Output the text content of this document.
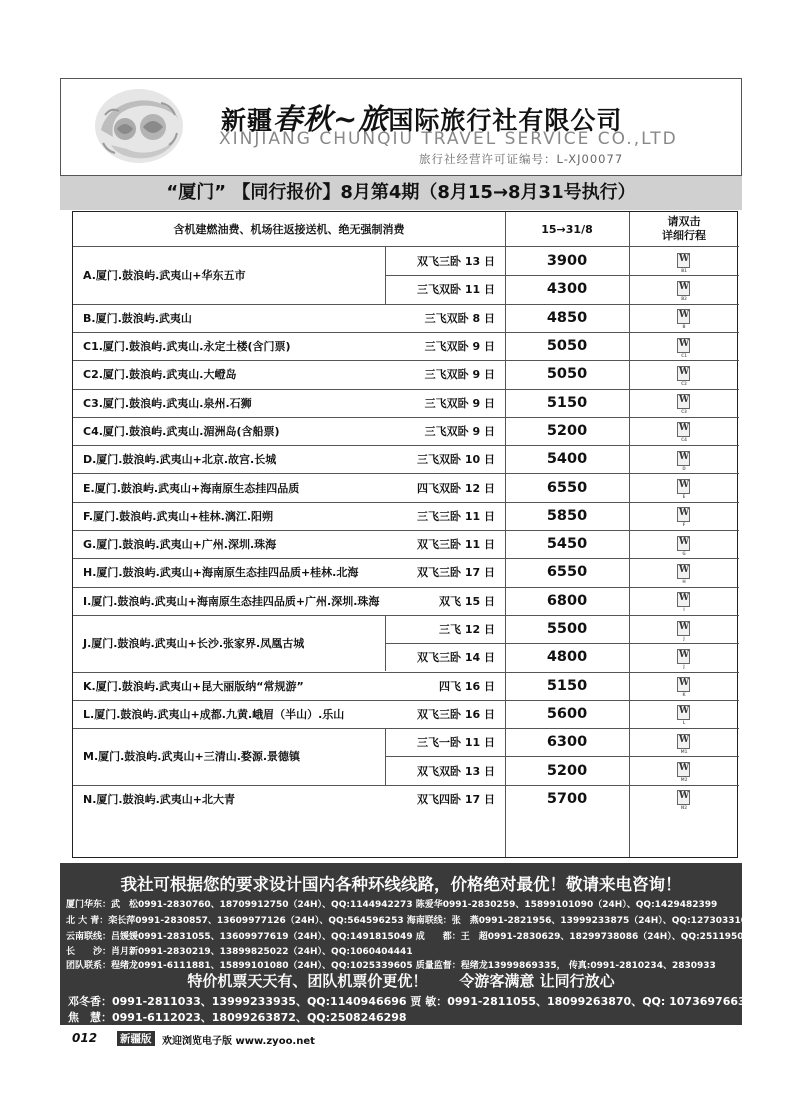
新疆春秋~旅国际旅行社有限公司
XINJIANG CHUNQIU TRAVEL SERVICE CO.,LTD
旅行社经营许可证编号：L-XJ00077
“厦门” 【同行报价】8月第4期（8月15→8月31号执行）
含机建燃油费、机场往返接送机、绝无强制消费	15→31/8
请双击
详细行程
A.厦门.鼓浪屿.武夷山+华东五市
双飞三卧 13 日	3900	W
B1
三飞双卧 11 日	4300	W
B2
B.厦门.鼓浪屿.武夷山	三飞双卧 8 日	4850	W
B
C1.厦门.鼓浪屿.武夷山.永定土楼(含门票)	三飞双卧 9 日	5050	W
C1
C2.厦门.鼓浪屿.武夷山.大嶝岛	三飞双卧 9 日	5050	W
C2
C3.厦门.鼓浪屿.武夷山.泉州.石狮	三飞双卧 9 日	5150	W
C3
C4.厦门.鼓浪屿.武夷山.湄洲岛(含船票)	三飞双卧 9 日	5200	W
C4
D.厦门.鼓浪屿.武夷山+北京.故宫.长城	三飞双卧 10 日	5400	W
D
E.厦门.鼓浪屿.武夷山+海南原生态挂四品质	四飞双卧 12 日	6550	W
E
F.厦门.鼓浪屿.武夷山+桂林.漓江.阳朔	三飞三卧 11 日	5850	W
F
G.厦门.鼓浪屿.武夷山+广州.深圳.珠海	双飞三卧 11 日	5450	W
G
H.厦门.鼓浪屿.武夷山+海南原生态挂四品质+桂林.北海	双飞三卧 17 日	6550	W
H
I.厦门.鼓浪屿.武夷山+海南原生态挂四品质+广州.深圳.珠海	双飞 15 日	6800	W
I
J.厦门.鼓浪屿.武夷山+长沙.张家界.凤凰古城
三飞 12 日	5500	W
J
双飞三卧 14 日	4800	W
J
K.厦门.鼓浪屿.武夷山+昆大丽版纳“常规游”	四飞 16 日	5150	W
K
L.厦门.鼓浪屿.武夷山+成都.九黄.峨眉（半山）.乐山	双飞三卧 16 日	5600	W
L
M.厦门.鼓浪屿.武夷山+三清山.婺源.景德镇
三飞一卧 11 日	6300	W
M1
双飞双卧 13 日	5200	W
M2
N.厦门.鼓浪屿.武夷山+北大青	双飞四卧 17 日	5700	W
N2
我社可根据您的要求设计国内各种环线线路，价格绝对最优！敬请来电咨询！
厦门华东：武　松0991-2830760、18709912750（24H）、QQ:1144942273 陈爱华0991-2830259、15899101090（24H）、QQ:1429482399
北 大 青：栾长萍0991-2830857、13609977126（24H）、QQ:564596253 海南联线：张　燕0991-2821956、13999233875（24H）、QQ:1273033109
云南联线：吕媛媛0991-2831055、13609977619（24H）、QQ:1491815049 成　　都：王　超0991-2830629、18299738086（24H）、QQ:2511950874
长　　沙：肖月新0991-2830219、13899825022（24H）、QQ:1060404441
团队联系：程绪龙0991-6111881、15899101080（24H）、QQ:1025339605 质量监督：程绪龙13999869335， 传真:0991-2810234、2830933
特价机票天天有、团队机票价更优！ 令游客满意 让同行放心
邓冬香：0991-2811033、13999233935、QQ:1140946696 贾 敏：0991-2811055、18099263870、QQ: 1073697663
焦　慧：0991-6112023、18099263872、QQ:2508246298
012 新疆版	欢迎浏览电子版 www.zyoo.net
